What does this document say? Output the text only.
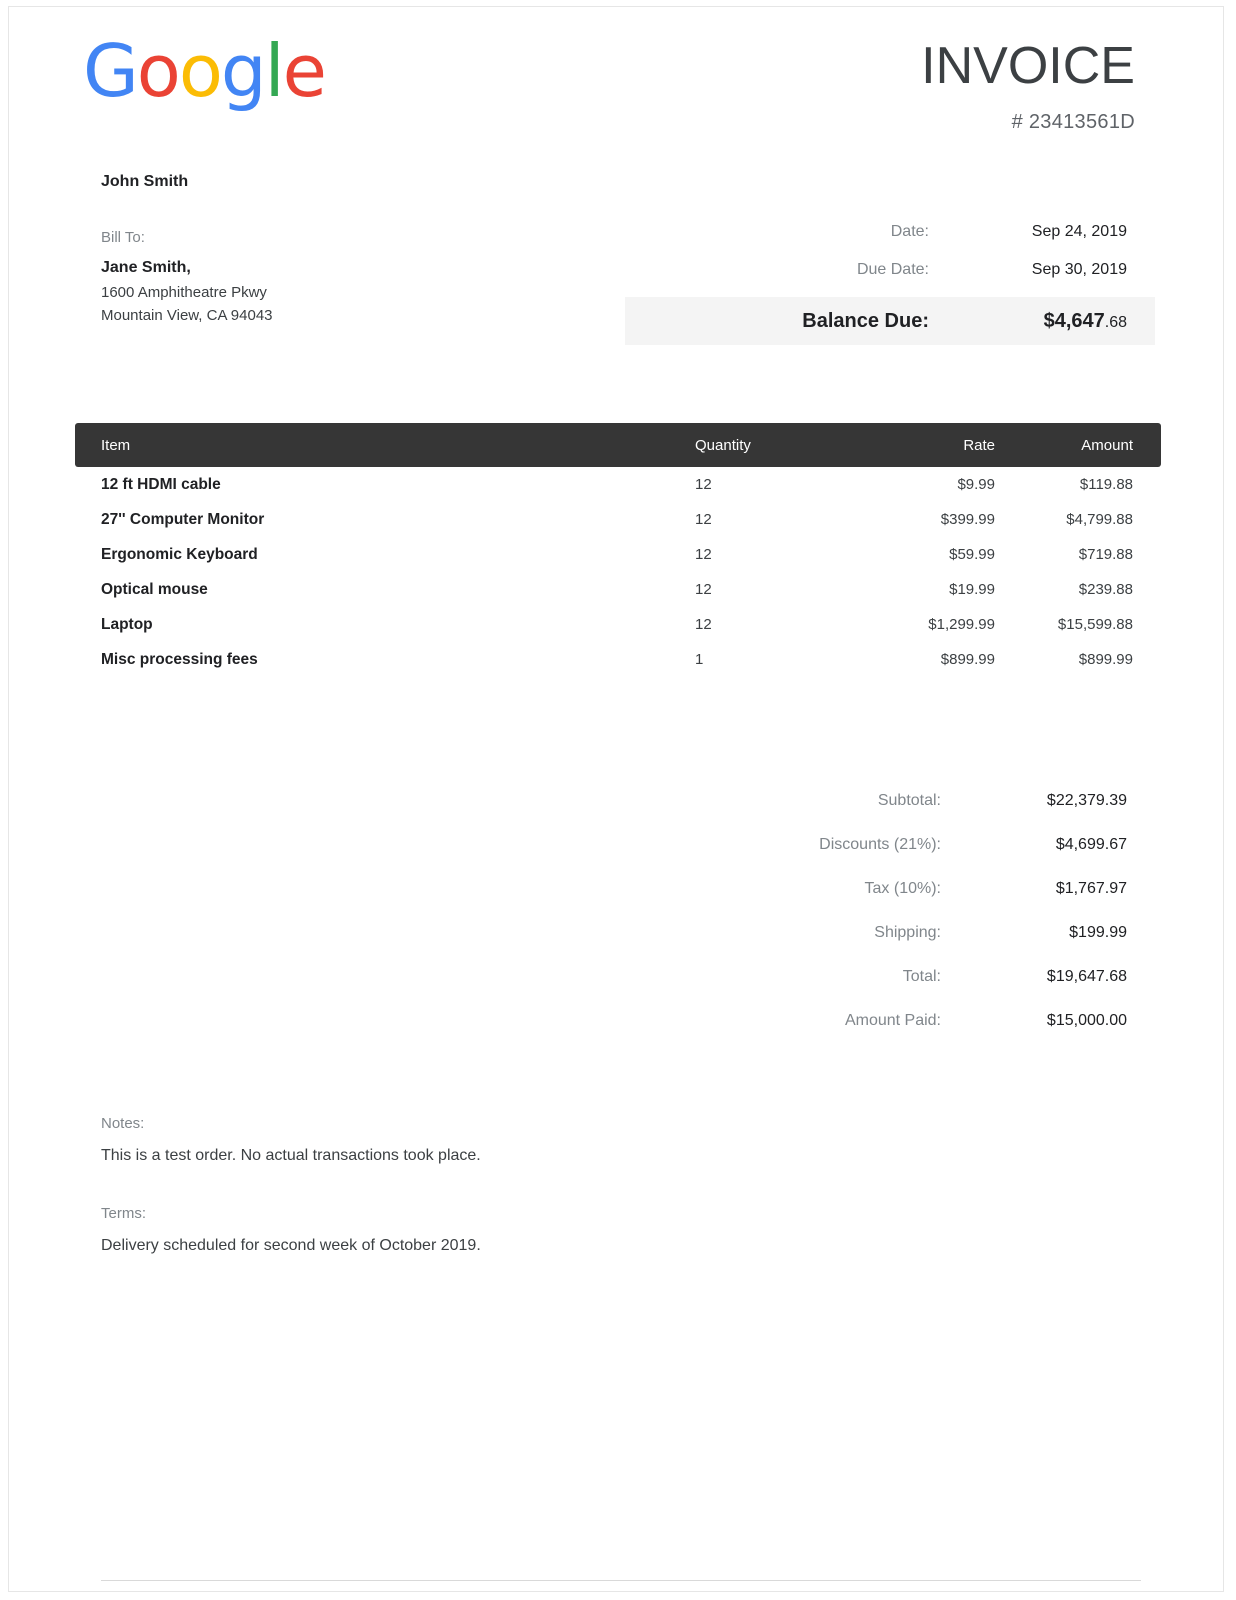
Google	INVOICE
# 23413561D
John Smith
Bill To:
Jane Smith,
1600 Amphitheatre Pkwy
Mountain View, CA 94043
Date:	Sep 24, 2019
Due Date:	Sep 30, 2019
Balance Due:	$4,647.68
Item	Quantity	Rate	Amount
12 ft HDMI cable	12	$9.99	$119.88
27'' Computer Monitor	12	$399.99	$4,799.88
Ergonomic Keyboard	12	$59.99	$719.88
Optical mouse	12	$19.99	$239.88
Laptop	12	$1,299.99	$15,599.88
Misc processing fees	1	$899.99	$899.99
Subtotal:	$22,379.39
Discounts (21%):	$4,699.67
Tax (10%):	$1,767.97
Shipping:	$199.99
Total:	$19,647.68
Amount Paid:	$15,000.00
Notes:
This is a test order. No actual transactions took place.
Terms:
Delivery scheduled for second week of October 2019.
